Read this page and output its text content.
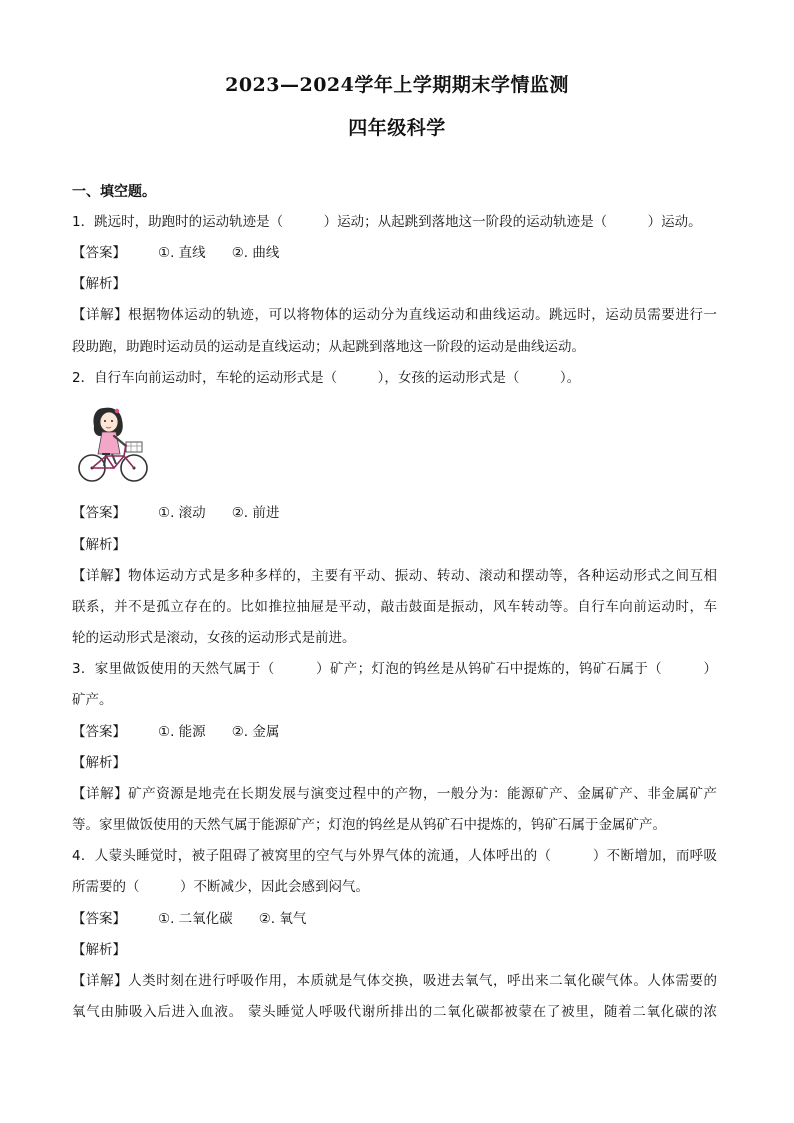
2023—2024学年上学期期末学情监测
四年级科学
一、填空题。
1．跳远时，助跑时的运动轨迹是（　　　）运动；从起跳到落地这一阶段的运动轨迹是（　　　）运动。
【答案】 ①. 直线 ②. 曲线
【解析】
【详解】根据物体运动的轨迹，可以将物体的运动分为直线运动和曲线运动。跳远时，运动员需要进行一
段助跑，助跑时运动员的运动是直线运动；从起跳到落地这一阶段的运动是曲线运动。
2．自行车向前运动时，车轮的运动形式是（　　　），女孩的运动形式是（　　　）。
【答案】 ①. 滚动 ②. 前进
【解析】
【详解】物体运动方式是多种多样的，主要有平动、振动、转动、滚动和摆动等，各种运动形式之间互相
联系，并不是孤立存在的。比如推拉抽屉是平动，敲击鼓面是振动，风车转动等。自行车向前运动时，车
轮的运动形式是滚动，女孩的运动形式是前进。
3．家里做饭使用的天然气属于（　　　）矿产；灯泡的钨丝是从钨矿石中提炼的，钨矿石属于（　　　）
矿产。
【答案】 ①. 能源 ②. 金属
【解析】
【详解】矿产资源是地壳在长期发展与演变过程中的产物，一般分为：能源矿产、金属矿产、非金属矿产
等。家里做饭使用的天然气属于能源矿产；灯泡的钨丝是从钨矿石中提炼的，钨矿石属于金属矿产。
4．人蒙头睡觉时，被子阻碍了被窝里的空气与外界气体的流通，人体呼出的（　　　）不断增加，而呼吸
所需要的（　　　）不断减少，因此会感到闷气。
【答案】 ①. 二氧化碳 ②. 氧气
【解析】
【详解】人类时刻在进行呼吸作用，本质就是气体交换，吸进去氧气，呼出来二氧化碳气体。人体需要的
氧气由肺吸入后进入血液。 蒙头睡觉人呼吸代谢所排出的二氧化碳都被蒙在了被里，随着二氧化碳的浓
